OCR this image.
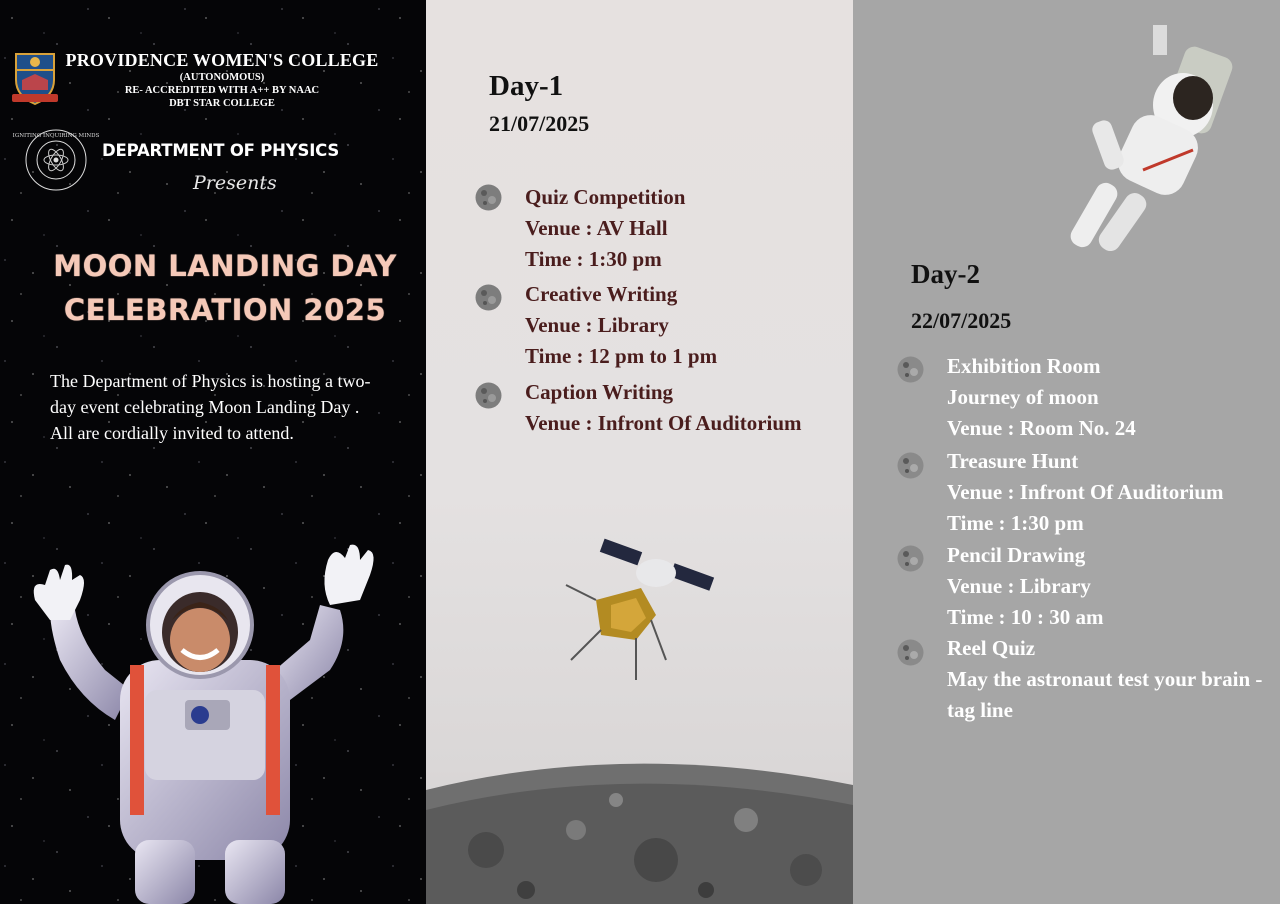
PROVIDENCE WOMEN'S COLLEGE
(AUTONOMOUS)
RE- ACCREDITED WITH A++ BY NAAC
DBT STAR COLLEGE
IGNITING INQUIRING MINDS
DEPARTMENT OF PHYSICS
Presents
MOON LANDING DAY
CELEBRATION 2025
The Department of Physics is hosting a two-
day event celebrating Moon Landing Day .
All are cordially invited to attend.
Day-1
21/07/2025
Quiz Competition
Venue : AV Hall
Time : 1:30 pm
Creative Writing
Venue : Library
Time : 12 pm to 1 pm
Caption Writing
Venue : Infront Of Auditorium
Day-2
22/07/2025
Exhibition Room
Journey of moon
Venue : Room No. 24
Treasure Hunt
Venue : Infront Of Auditorium
Time : 1:30 pm
Pencil Drawing
Venue : Library
Time : 10 : 30 am
Reel Quiz
May the astronaut test your brain -
tag line
